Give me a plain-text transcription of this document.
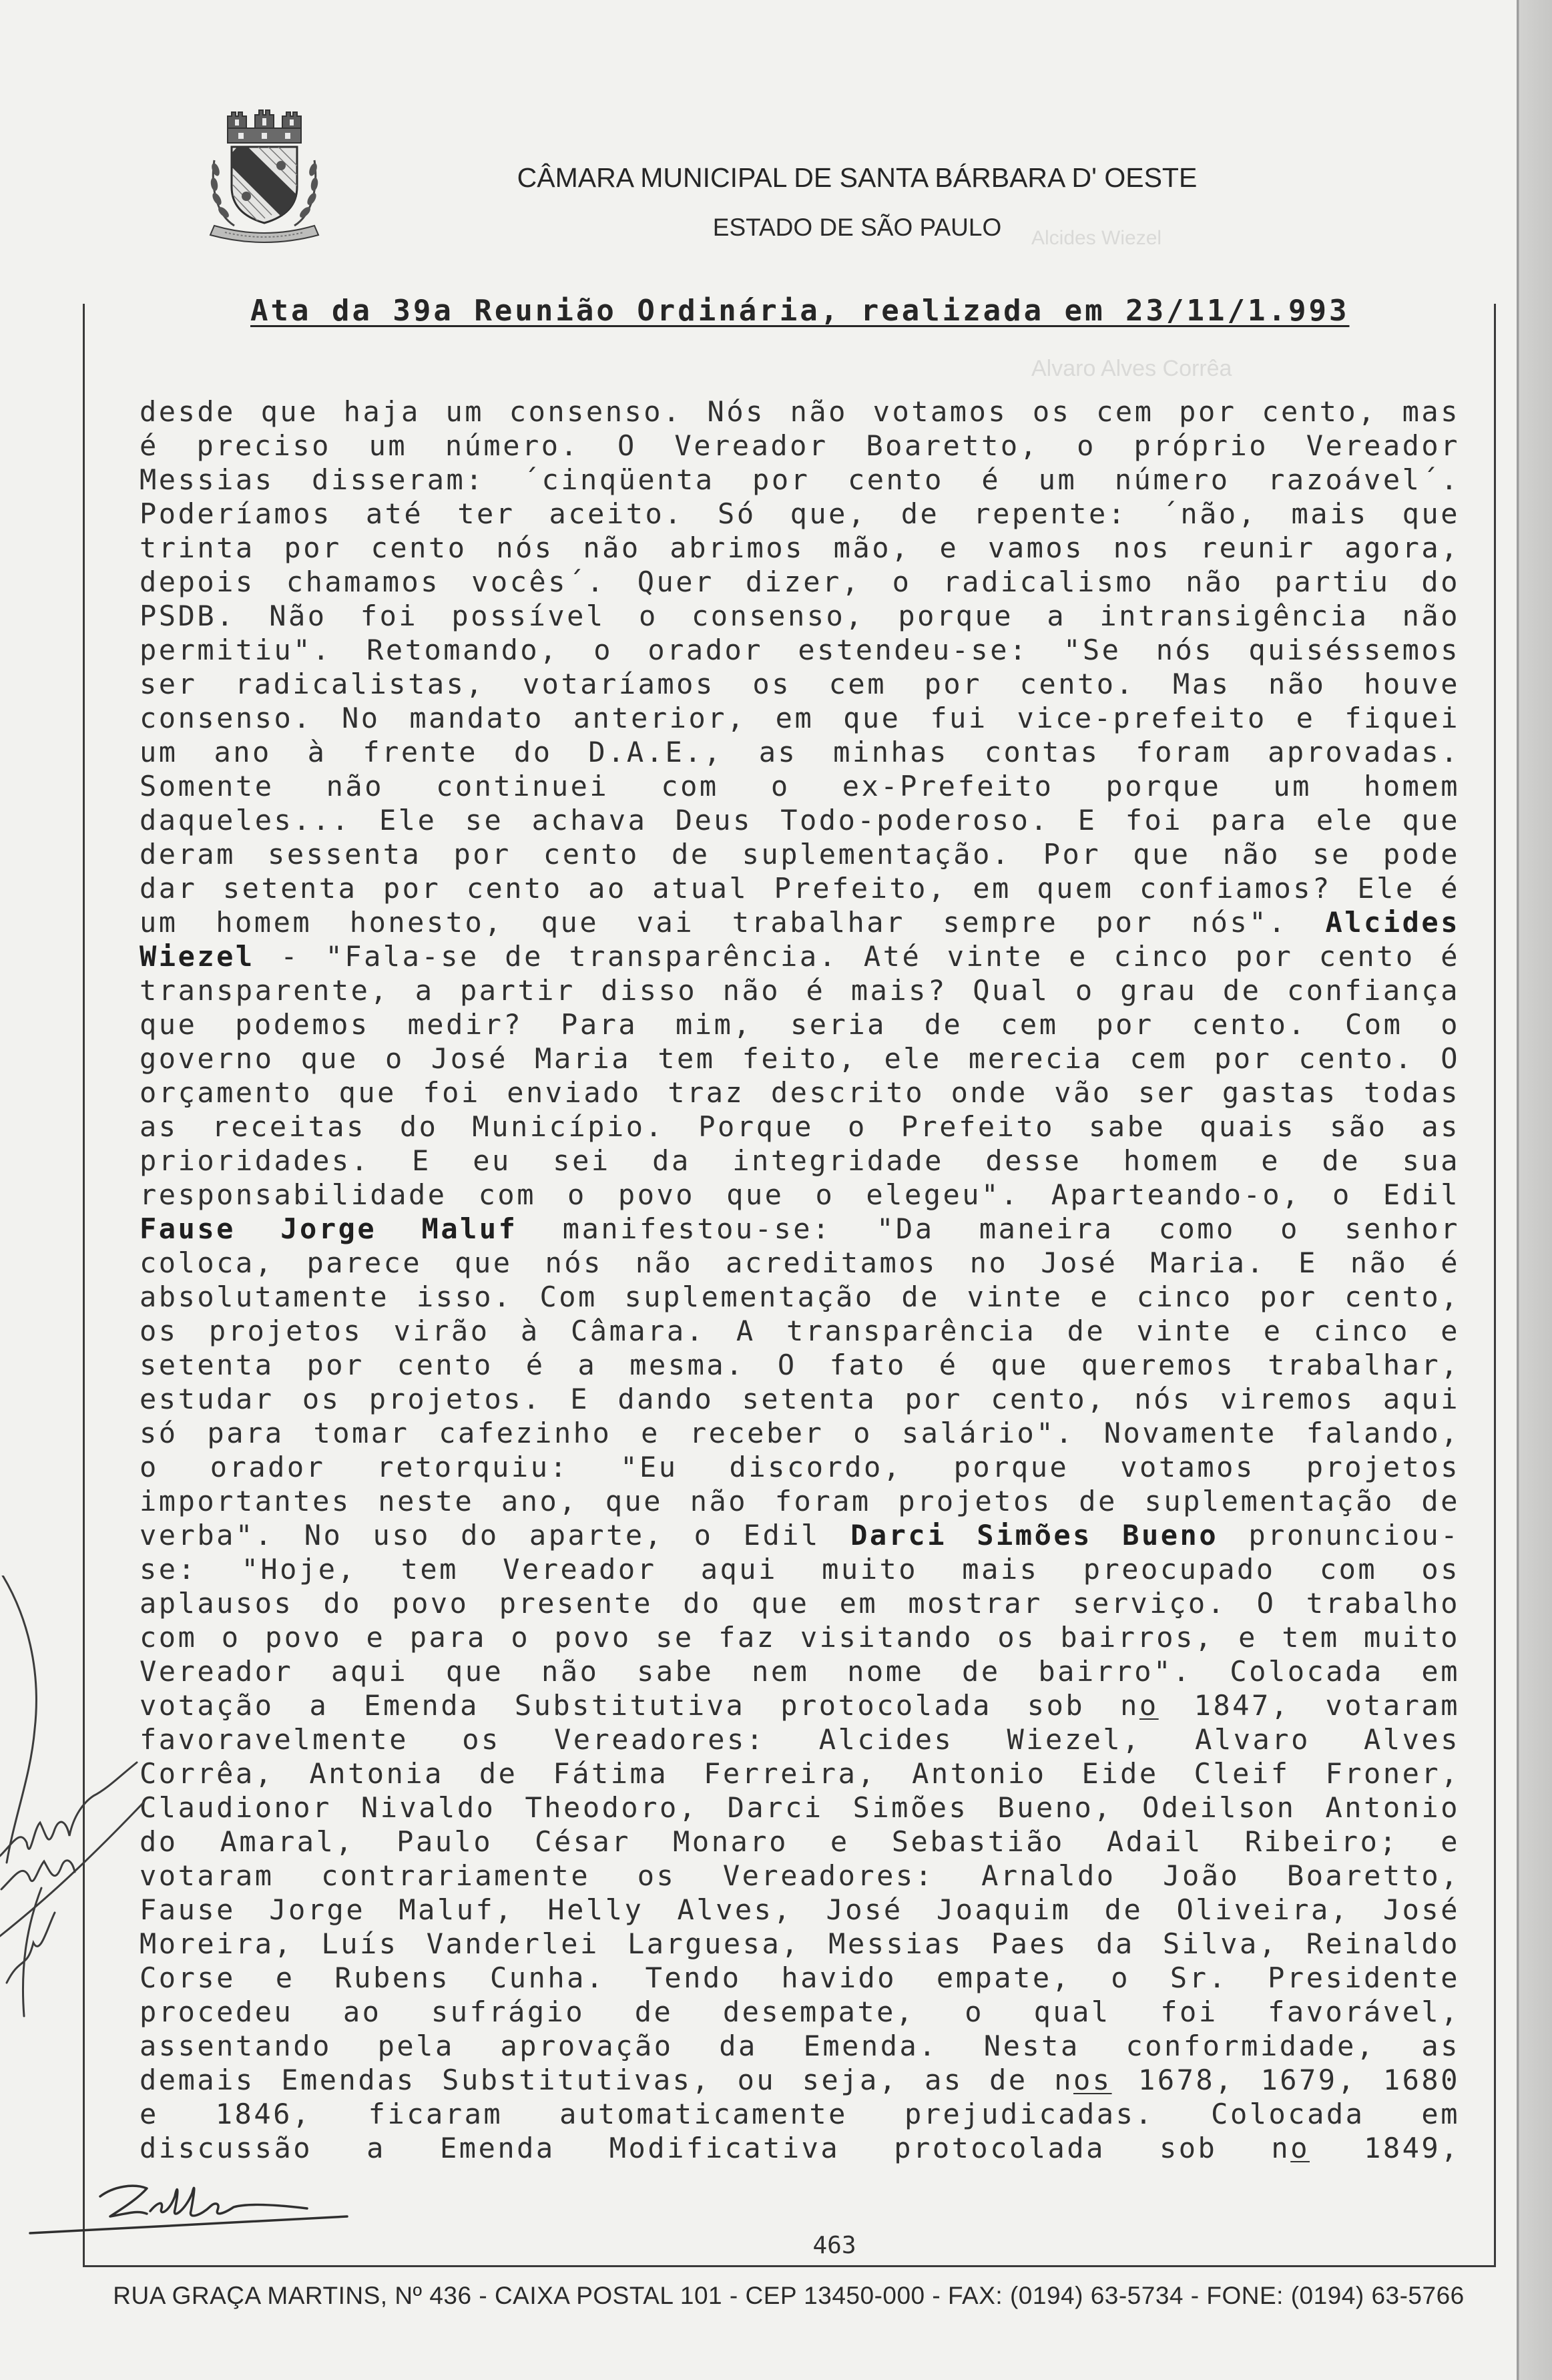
CÂMARA MUNICIPAL DE SANTA BÁRBARA D' OESTE
ESTADO DE SÃO PAULO	Alcides Wiezel
Alvaro Alves Corrêa
Ata da 39a Reunião Ordinária, realizada em 23/11/1.993
desde que haja um consenso. Nós não votamos os cem por cento, mas
é preciso um número. O Vereador Boaretto, o próprio Vereador
Messias disseram: ´cinqüenta por cento é um número razoável´.
Poderíamos até ter aceito. Só que, de repente: ´não, mais que
trinta por cento nós não abrimos mão, e vamos nos reunir agora,
depois chamamos vocês´. Quer dizer, o radicalismo não partiu do
PSDB. Não foi possível o consenso, porque a intransigência não
permitiu". Retomando, o orador estendeu-se: "Se nós quiséssemos
ser radicalistas, votaríamos os cem por cento. Mas não houve
consenso. No mandato anterior, em que fui vice-prefeito e fiquei
um ano à frente do D.A.E., as minhas contas foram aprovadas.
Somente não continuei com o ex-Prefeito porque um homem
daqueles... Ele se achava Deus Todo-poderoso. E foi para ele que
deram sessenta por cento de suplementação. Por que não se pode
dar setenta por cento ao atual Prefeito, em quem confiamos? Ele é
um homem honesto, que vai trabalhar sempre por nós". Alcides
Wiezel - "Fala-se de transparência. Até vinte e cinco por cento é
transparente, a partir disso não é mais? Qual o grau de confiança
que podemos medir? Para mim, seria de cem por cento. Com o
governo que o José Maria tem feito, ele merecia cem por cento. O
orçamento que foi enviado traz descrito onde vão ser gastas todas
as receitas do Município. Porque o Prefeito sabe quais são as
prioridades. E eu sei da integridade desse homem e de sua
responsabilidade com o povo que o elegeu". Aparteando-o, o Edil
Fause Jorge Maluf manifestou-se: "Da maneira como o senhor
coloca, parece que nós não acreditamos no José Maria. E não é
absolutamente isso. Com suplementação de vinte e cinco por cento,
os projetos virão à Câmara. A transparência de vinte e cinco e
setenta por cento é a mesma. O fato é que queremos trabalhar,
estudar os projetos. E dando setenta por cento, nós viremos aqui
só para tomar cafezinho e receber o salário". Novamente falando,
o orador retorquiu: "Eu discordo, porque votamos projetos
importantes neste ano, que não foram projetos de suplementação de
verba". No uso do aparte, o Edil Darci Simões Bueno pronunciou-
se: "Hoje, tem Vereador aqui muito mais preocupado com os
aplausos do povo presente do que em mostrar serviço. O trabalho
com o povo e para o povo se faz visitando os bairros, e tem muito
Vereador aqui que não sabe nem nome de bairro". Colocada em
votação a Emenda Substitutiva protocolada sob no 1847, votaram
favoravelmente os Vereadores: Alcides Wiezel, Alvaro Alves
Corrêa, Antonia de Fátima Ferreira, Antonio Eide Cleif Froner,
Claudionor Nivaldo Theodoro, Darci Simões Bueno, Odeilson Antonio
do Amaral, Paulo César Monaro e Sebastião Adail Ribeiro; e
votaram contrariamente os Vereadores: Arnaldo João Boaretto,
Fause Jorge Maluf, Helly Alves, José Joaquim de Oliveira, José
Moreira, Luís Vanderlei Larguesa, Messias Paes da Silva, Reinaldo
Corse e Rubens Cunha. Tendo havido empate, o Sr. Presidente
procedeu ao sufrágio de desempate, o qual foi favorável,
assentando pela aprovação da Emenda. Nesta conformidade, as
demais Emendas Substitutivas, ou seja, as de nos 1678, 1679, 1680
e 1846, ficaram automaticamente prejudicadas. Colocada em
discussão a Emenda Modificativa protocolada sob no 1849,
463
RUA GRAÇA MARTINS, Nº 436 - CAIXA POSTAL 101 - CEP 13450-000 - FAX: (0194) 63-5734 - FONE: (0194) 63-5766
